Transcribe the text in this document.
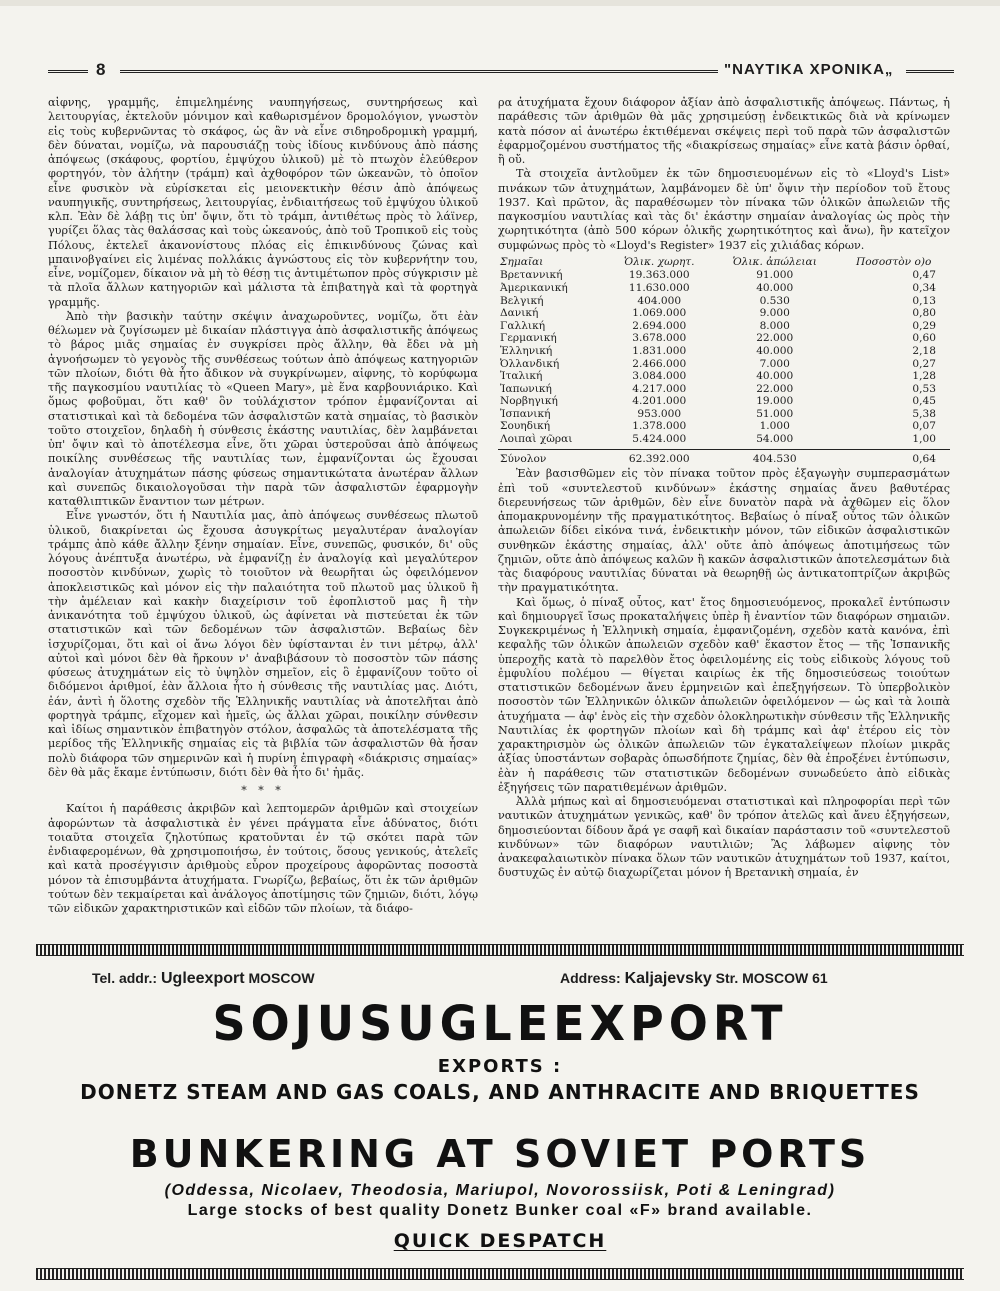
8	"ΝΑΥΤΙΚΑ ΧΡΟΝΙΚΑ„

αἰφνης, γραμμῆς, ἐπιμελημένης ναυπηγήσεως, συντηρήσεως καὶ λειτουργίας, ἐκτελοῦν μόνιμον καὶ καθωρισμένον δρομολόγιον, γνωστὸν εἰς τοὺς κυβερνῶντας τὸ σκάφος, ὡς ἂν νὰ εἶνε σιδηροδρομικὴ γραμμή, δὲν δύναται, νομίζω, νὰ παρουσιάζῃ τοὺς ἰδίους κινδύνους ἀπὸ πάσης ἀπόψεως (σκάφους, φορτίου, ἐμψύχου ὑλικοῦ) μὲ τὸ πτωχὸν ἐλεύθερον φορτηγόν, τὸν ἀλήτην (τράμπ) καὶ ἀχθοφόρον τῶν ὠκεανῶν, τὸ ὁποῖον εἶνε φυσικὸν νὰ εὑρίσκεται εἰς μειονεκτικὴν θέσιν ἀπὸ ἀπόψεως ναυπηγικῆς, συντηρήσεως, λειτουργίας, ἐνδιαιτήσεως τοῦ ἐμψύχου ὑλικοῦ κλπ. Ἐὰν δὲ λάβῃ τις ὑπ' ὄψιν, ὅτι τὸ τράμπ, ἀντιθέτως πρὸς τὸ λάϊνερ, γυρίζει ὅλας τὰς θαλάσσας καὶ τοὺς ὠκεανούς, ἀπὸ τοῦ Τροπικοῦ εἰς τοὺς Πόλους, ἐκτελεῖ ἀκανονίστους πλόας εἰς ἐπικινδύνους ζώνας καὶ μπαινοβγαίνει εἰς λιμένας πολλάκις ἀγνώστους εἰς τὸν κυβερνήτην του, εἶνε, νομίζομεν, δίκαιον νὰ μὴ τὸ θέσῃ τις ἀντιμέτωπον πρὸς σύγκρισιν μὲ τὰ πλοῖα ἄλλων κατηγοριῶν καὶ μάλιστα τὰ ἐπιβατηγὰ καὶ τὰ φορτηγὰ γραμμῆς.

Ἀπὸ τὴν βασικὴν ταύτην σκέψιν ἀναχωροῦντες, νομίζω, ὅτι ἐὰν θέλωμεν νὰ ζυγίσωμεν μὲ δικαίαν πλάστιγγα ἀπὸ ἀσφαλιστικῆς ἀπόψεως τὸ βάρος μιᾶς σημαίας ἐν συγκρίσει πρὸς ἄλλην, θὰ ἔδει νὰ μὴ ἀγνοήσωμεν τὸ γεγονὸς τῆς συνθέσεως τούτων ἀπὸ ἀπόψεως κατηγοριῶν τῶν πλοίων, διότι θὰ ἦτο ἄδικον νὰ συγκρίνωμεν, αἰφνης, τὸ κορύφωμα τῆς παγκοσμίου ναυτιλίας τὸ «Queen Mary», μὲ ἕνα καρβουνιάρικο. Καὶ ὅμως φοβοῦμαι, ὅτι καθ' ὃν τοὐλάχιστον τρόπον ἐμφανίζονται αἱ στατιστικαὶ καὶ τὰ δεδομένα τῶν ἀσφαλιστῶν κατὰ σημαίας, τὸ βασικὸν τοῦτο στοιχεῖον, δηλαδὴ ἡ σύνθεσις ἑκάστης ναυτιλίας, δὲν λαμβάνεται ὑπ' ὄψιν καὶ τὸ ἀποτέλεσμα εἶνε, ὅτι χῶραι ὑστεροῦσαι ἀπὸ ἀπόψεως ποικίλης συνθέσεως τῆς ναυτιλίας των, ἐμφανίζονται ὡς ἔχουσαι ἀναλογίαν ἀτυχημάτων πάσης φύσεως σημαντικώτατα ἀνωτέραν ἄλλων καὶ συνεπῶς δικαιολογοῦσαι τὴν παρὰ τῶν ἀσφαλιστῶν ἐφαρμογὴν καταθλιπτικῶν ἔναντιον των μέτρων.

Εἶνε γνωστόν, ὅτι ἡ Ναυτιλία μας, ἀπὸ ἀπόψεως συνθέσεως πλωτοῦ ὑλικοῦ, διακρίνεται ὡς ἔχουσα ἀσυγκρίτως μεγαλυτέραν ἀναλογίαν τράμπς ἀπὸ κάθε ἄλλην ξένην σημαίαν. Εἶνε, συνεπῶς, φυσικόν, δι' οὓς λόγους ἀνέπτυξα ἀνωτέρω, νὰ ἐμφανίζῃ ἐν ἀναλογίᾳ καὶ μεγαλύτερον ποσοστὸν κινδύνων, χωρὶς τὸ τοιοῦτον νὰ θεωρῆται ὡς ὀφειλόμενον ἀποκλειστικῶς καὶ μόνον εἰς τὴν παλαιότητα τοῦ πλωτοῦ μας ὑλικοῦ ἢ τὴν ἀμέλειαν καὶ κακὴν διαχείρισιν τοῦ ἐφοπλιστοῦ μας ἢ τὴν ἀνικανότητα τοῦ ἐμψύχου ὑλικοῦ, ὡς ἀφίνεται νὰ πιστεύεται ἐκ τῶν στατιστικῶν καὶ τῶν δεδομένων τῶν ἀσφαλιστῶν. Βεβαίως δὲν ἰσχυρίζομαι, ὅτι καὶ οἱ ἄνω λόγοι δὲν ὑφίστανται ἐν τινι μέτρῳ, ἀλλ' αὐτοὶ καὶ μόνοι δὲν θὰ ἤρκουν ν' ἀναβιβάσουν τὸ ποσοστὸν τῶν πάσης φύσεως ἀτυχημάτων εἰς τὸ ὑψηλὸν σημεῖον, εἰς ὃ ἐμφανίζουν τοῦτο οἱ διδόμενοι ἀριθμοί, ἐὰν ἄλλοια ἦτο ἡ σύνθεσις τῆς ναυτιλίας μας. Διότι, ἐάν, ἀντὶ ἡ ὅλοτης σχεδὸν τῆς Ἑλληνικῆς ναυτιλίας νὰ ἀποτελῆται ἀπὸ φορτηγὰ τράμπς, εἴχομεν καὶ ἡμεῖς, ὡς ἄλλαι χῶραι, ποικίλην σύνθεσιν καὶ ἰδίως σημαντικὸν ἐπιβατηγὸν στόλον, ἀσφαλῶς τὰ ἀποτελέσματα τῆς μερίδος τῆς Ἑλληνικῆς σημαίας εἰς τὰ βιβλία τῶν ἀσφαλιστῶν θὰ ἦσαν πολὺ διάφορα τῶν σημερινῶν καὶ ἡ πυρίνη ἐπιγραφὴ «διάκρισις σημαίας» δὲν θὰ μᾶς ἔκαμε ἐντύπωσιν, διότι δὲν θὰ ἦτο δι' ἡμᾶς.

* * *

Καίτοι ἡ παράθεσις ἀκριβῶν καὶ λεπτομερῶν ἀριθμῶν καὶ στοιχείων ἀφορώντων τὰ ἀσφαλιστικὰ ἐν γένει πράγματα εἶνε ἀδύνατος, διότι τοιαῦτα στοιχεῖα ζηλοτύπως κρατοῦνται ἐν τῷ σκότει παρὰ τῶν ἐνδιαφερομένων, θὰ χρησιμοποιήσω, ἐν τούτοις, ὅσους γενικούς, ἀτελεῖς καὶ κατὰ προσέγγισιν ἀριθμοὺς εὗρον προχείρους ἀφορῶντας ποσοστὰ μόνον τὰ ἐπισυμβάντα ἀτυχήματα. Γνωρίζω, βεβαίως, ὅτι ἐκ τῶν ἀριθμῶν τούτων δὲν τεκμαίρεται καὶ ἀνάλογος ἀποτίμησις τῶν ζημιῶν, διότι, λόγῳ τῶν εἰδικῶν χαρακτηριστικῶν καὶ εἰδῶν τῶν πλοίων, τὰ διάφο-

ρα ἀτυχήματα ἔχουν διάφορον ἀξίαν ἀπὸ ἀσφαλιστικῆς ἀπόψεως. Πάντως, ἡ παράθεσις τῶν ἀριθμῶν θὰ μᾶς χρησιμεύσῃ ἐνδεικτικῶς διὰ νὰ κρίνωμεν κατὰ πόσον αἱ ἀνωτέρω ἐκτιθέμεναι σκέψεις περὶ τοῦ παρὰ τῶν ἀσφαλιστῶν ἐφαρμοζομένου συστήματος τῆς «διακρίσεως σημαίας» εἶνε κατὰ βάσιν ὀρθαί, ἢ οὔ.

Τὰ στοιχεῖα ἀντλοῦμεν ἐκ τῶν δημοσιευομένων εἰς τὸ «Lloyd's List» πινάκων τῶν ἀτυχημάτων, λαμβάνομεν δὲ ὑπ' ὄψιν τὴν περίοδον τοῦ ἔτους 1937. Καὶ πρῶτον, ἂς παραθέσωμεν τὸν πίνακα τῶν ὁλικῶν ἀπωλειῶν τῆς παγκοσμίου ναυτιλίας καὶ τὰς δι' ἑκάστην σημαίαν ἀναλογίας ὡς πρὸς τὴν χωρητικότητα (ἀπὸ 500 κόρων ὁλικῆς χωρητικότητος καὶ ἄνω), ἣν κατεῖχον συμφώνως πρὸς τὸ «Lloyd's Register» 1937 εἰς χιλιάδας κόρων.

Σημαῖαι	Ὁλικ. χωρητ.	Ὁλικ. ἀπώλειαι	Ποσοστὸν ο)ο
Βρεταννική	19.363.000	91.000	0,47
Ἀμερικανική	11.630.000	40.000	0,34
Βελγική	404.000	0.530	0,13
Δανική	1.069.000	9.000	0,80
Γαλλική	2.694.000	8.000	0,29
Γερμανική	3.678.000	22.000	0,60
Ἑλληνική	1.831.000	40.000	2,18
Ὀλλανδική	2.466.000	7.000	0,27
Ἰταλική	3.084.000	40.000	1,28
Ἰαπωνική	4.217.000	22.000	0,53
Νορβηγική	4.201.000	19.000	0,45
Ἰσπανική	953.000	51.000	5,38
Σουηδική	1.378.000	1.000	0,07
Λοιπαὶ χῶραι	5.424.000	54.000	1,00
Σύνολον	62.392.000	404.530	0,64

Ἐὰν βασισθῶμεν εἰς τὸν πίνακα τοῦτον πρὸς ἐξαγωγὴν συμπερασμάτων ἐπὶ τοῦ «συντελεστοῦ κινδύνων» ἑκάστης σημαίας ἄνευ βαθυτέρας διερευνήσεως τῶν ἀριθμῶν, δὲν εἶνε δυνατὸν παρὰ νὰ ἀχθῶμεν εἰς ὅλον ἀπομακρυνομένην τῆς πραγματικότητος. Βεβαίως ὁ πίναξ οὗτος τῶν ὁλικῶν ἀπωλειῶν δίδει εἰκόνα τινά, ἐνδεικτικὴν μόνον, τῶν εἰδικῶν ἀσφαλιστικῶν συνθηκῶν ἑκάστης σημαίας, ἀλλ' οὔτε ἀπὸ ἀπόψεως ἀποτιμήσεως τῶν ζημιῶν, οὔτε ἀπὸ ἀπόψεως καλῶν ἢ κακῶν ἀσφαλιστικῶν ἀποτελεσμάτων διὰ τὰς διαφόρους ναυτιλίας δύναται νὰ θεωρηθῇ ὡς ἀντικατοπτρίζων ἀκριβῶς τὴν πραγματικότητα.

Καὶ ὅμως, ὁ πίναξ οὗτος, κατ' ἔτος δημοσιευόμενος, προκαλεῖ ἐντύπωσιν καὶ δημιουργεῖ ἴσως προκαταλήψεις ὑπὲρ ἢ ἐναντίον τῶν διαφόρων σημαιῶν. Συγκεκριμένως ἡ Ἑλληνικὴ σημαία, ἐμφανιζομένη, σχεδὸν κατὰ κανόνα, ἐπὶ κεφαλῆς τῶν ὁλικῶν ἀπωλειῶν σχεδὸν καθ' ἕκαστον ἔτος — τῆς Ἰσπανικῆς ὑπεροχῆς κατὰ τὸ παρελθὸν ἔτος ὀφειλομένης εἰς τοὺς εἰδικοὺς λόγους τοῦ ἐμφυλίου πολέμου — θίγεται καιρίως ἐκ τῆς δημοσιεύσεως τοιούτων στατιστικῶν δεδομένων ἄνευ ἑρμηνειῶν καὶ ἐπεξηγήσεων. Τὸ ὑπερβολικὸν ποσοστὸν τῶν Ἑλληνικῶν ὁλικῶν ἀπωλειῶν ὀφειλόμενον — ὡς καὶ τὰ λοιπὰ ἀτυχήματα — ἀφ' ἑνὸς εἰς τὴν σχεδὸν ὁλοκληρωτικὴν σύνθεσιν τῆς Ἑλληνικῆς Ναυτιλίας ἐκ φορτηγῶν πλοίων καὶ δὴ τράμπς καὶ ἀφ' ἑτέρου εἰς τὸν χαρακτηρισμὸν ὡς ὁλικῶν ἀπωλειῶν τῶν ἐγκαταλείψεων πλοίων μικρᾶς ἀξίας ὑποστάντων σοβαρὰς ὁπωσδήποτε ζημίας, δὲν θὰ ἐπροξένει ἐντύπωσιν, ἐὰν ἡ παράθεσις τῶν στατιστικῶν δεδομένων συνωδεύετο ἀπὸ εἰδικὰς ἐξηγήσεις τῶν παρατιθεμένων ἀριθμῶν.

Ἀλλὰ μήπως καὶ αἱ δημοσιευόμεναι στατιστικαὶ καὶ πληροφορίαι περὶ τῶν ναυτικῶν ἀτυχημάτων γενικῶς, καθ' ὃν τρόπον ἀτελῶς καὶ ἄνευ ἐξηγήσεων, δημοσιεύονται δίδουν ἄρά γε σαφῆ καὶ δικαίαν παράστασιν τοῦ «συντελεστοῦ κινδύνων» τῶν διαφόρων ναυτιλιῶν; Ἂς λάβωμεν αἰφνης τὸν ἀνακεφαλαιωτικὸν πίνακα ὅλων τῶν ναυτικῶν ἀτυχημάτων τοῦ 1937, καίτοι, δυστυχῶς ἐν αὐτῷ διαχωρίζεται μόνον ἡ Βρετανικὴ σημαία, ἐν

Tel. addr.: Ugleexport MOSCOW	Address: Kaljajevsky Str. MOSCOW 61
SOJUSUGLEEXPORT
EXPORTS :
DONETZ STEAM AND GAS COALS, AND ANTHRACITE AND BRIQUETTES
BUNKERING AT SOVIET PORTS
(Oddessa, Nicolaev, Theodosia, Mariupol, Novorossiisk, Poti & Leningrad)
Large stocks of best quality Donetz Bunker coal «F» brand available.
QUICK DESPATCH
